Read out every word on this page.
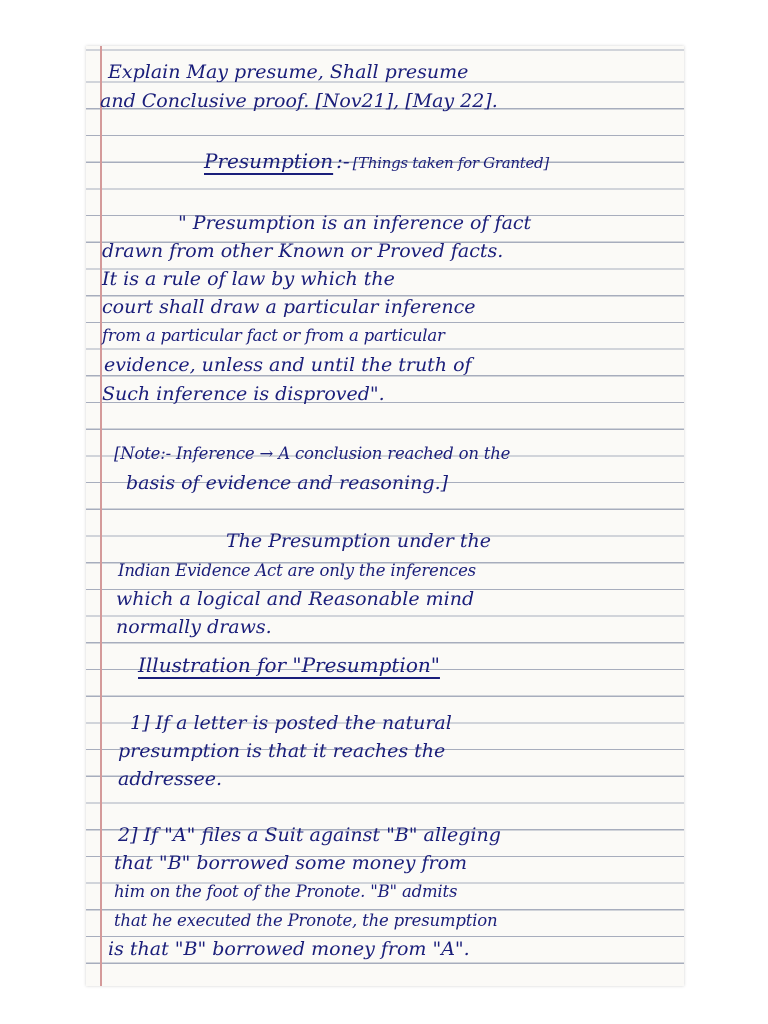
Explain May presume, Shall presume
and Conclusive proof. [Nov21], [May 22].
Presumption :- [Things taken for Granted]
" Presumption is an inference of fact
drawn from other Known or Proved facts.
It is a rule of law by which the
court shall draw a particular inference
from a particular fact or from a particular
evidence, unless and until the truth of
Such inference is disproved".
[Note:- Inference → A conclusion reached on the
basis of evidence and reasoning.]
The Presumption under the
Indian Evidence Act are only the inferences
which a logical and Reasonable mind
normally draws.
Illustration for "Presumption"
1] If a letter is posted the natural
presumption is that it reaches the
addressee.
2] If "A" files a Suit against "B" alleging
that "B" borrowed some money from
him on the foot of the Pronote. "B" admits
that he executed the Pronote, the presumption
is that "B" borrowed money from "A".
